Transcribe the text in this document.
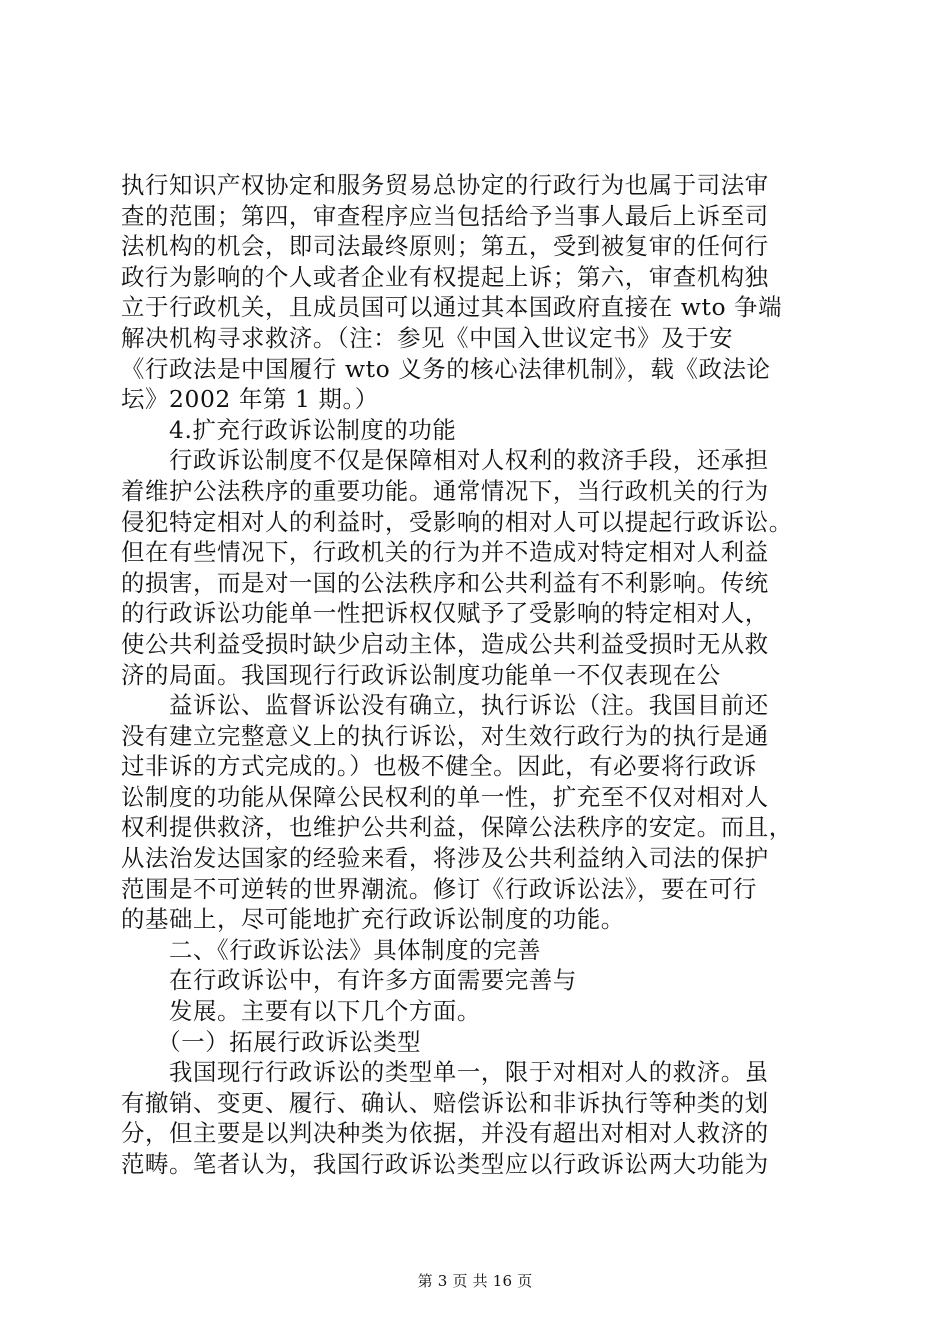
执行知识产权协定和服务贸易总协定的行政行为也属于司法审
查的范围；第四，审查程序应当包括给予当事人最后上诉至司
法机构的机会，即司法最终原则；第五，受到被复审的任何行
政行为影响的个人或者企业有权提起上诉；第六，审查机构独
立于行政机关，且成员国可以通过其本国政府直接在 wto 争端
解决机构寻求救济。（注：参见《中国入世议定书》及于安
《行政法是中国履行 wto 义务的核心法律机制》，载《政法论
坛》2002 年第 1 期。）
　　4.扩充行政诉讼制度的功能
　　行政诉讼制度不仅是保障相对人权利的救济手段，还承担
着维护公法秩序的重要功能。通常情况下，当行政机关的行为
侵犯特定相对人的利益时，受影响的相对人可以提起行政诉讼。
但在有些情况下，行政机关的行为并不造成对特定相对人利益
的损害，而是对一国的公法秩序和公共利益有不利影响。传统
的行政诉讼功能单一性把诉权仅赋予了受影响的特定相对人，
使公共利益受损时缺少启动主体，造成公共利益受损时无从救
济的局面。我国现行行政诉讼制度功能单一不仅表现在公
　　益诉讼、监督诉讼没有确立，执行诉讼（注。我国目前还
没有建立完整意义上的执行诉讼，对生效行政行为的执行是通
过非诉的方式完成的。）也极不健全。因此，有必要将行政诉
讼制度的功能从保障公民权利的单一性，扩充至不仅对相对人
权利提供救济，也维护公共利益，保障公法秩序的安定。而且，
从法治发达国家的经验来看，将涉及公共利益纳入司法的保护
范围是不可逆转的世界潮流。修订《行政诉讼法》，要在可行
的基础上，尽可能地扩充行政诉讼制度的功能。
　　二、《行政诉讼法》具体制度的完善
　　在行政诉讼中，有许多方面需要完善与
　　发展。主要有以下几个方面。
　　（一）拓展行政诉讼类型
　　我国现行行政诉讼的类型单一，限于对相对人的救济。虽
有撤销、变更、履行、确认、赔偿诉讼和非诉执行等种类的划
分，但主要是以判决种类为依据，并没有超出对相对人救济的
范畴。笔者认为，我国行政诉讼类型应以行政诉讼两大功能为
第 3 页 共 16 页
